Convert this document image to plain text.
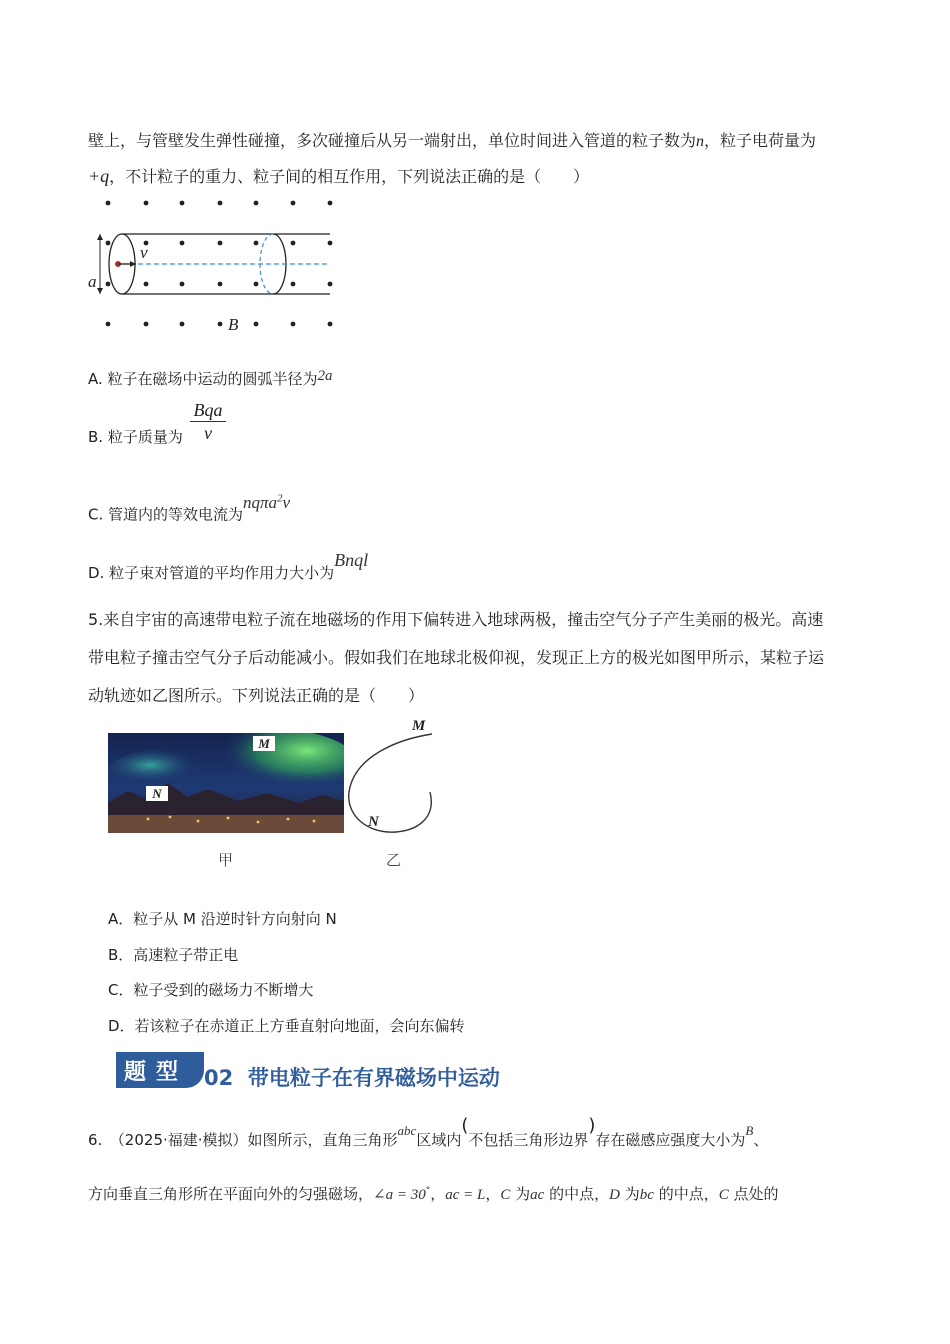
壁上，与管壁发生弹性碰撞，多次碰撞后从另一端射出，单位时间进入管道的粒子数为n，粒子电荷量为
+q，不计粒子的重力、粒子间的相互作用，下列说法正确的是（　　）
v
a
B
A. 粒子在磁场中运动的圆弧半径为2a
B. 粒子质量为
Bqa
v
C. 管道内的等效电流为nqπa$^2$v
D. 粒子束对管道的平均作用力大小为Bnql
5.来自宇宙的高速带电粒子流在地磁场的作用下偏转进入地球两极，撞击空气分子产生美丽的极光。高速
带电粒子撞击空气分子后动能减小。假如我们在地球北极仰视，发现正上方的极光如图甲所示，某粒子运
动轨迹如乙图所示。下列说法正确的是（　　）
M
N
M
N
甲	乙
A．粒子从 M 沿逆时针方向射向 N
B．高速粒子带正电
C．粒子受到的磁场力不断增大
D．若该粒子在赤道正上方垂直射向地面，会向东偏转
题型 02 带电粒子在有界磁场中运动
6.　（2025·福建·模拟）如图所示，直角三角形abc区域内(不包括三角形边界)存在磁感应强度大小为B、
方向垂直三角形所在平面向外的匀强磁场，∠a = 30°，ac = L，C 为ac 的中点，D 为bc 的中点，C 点处的
